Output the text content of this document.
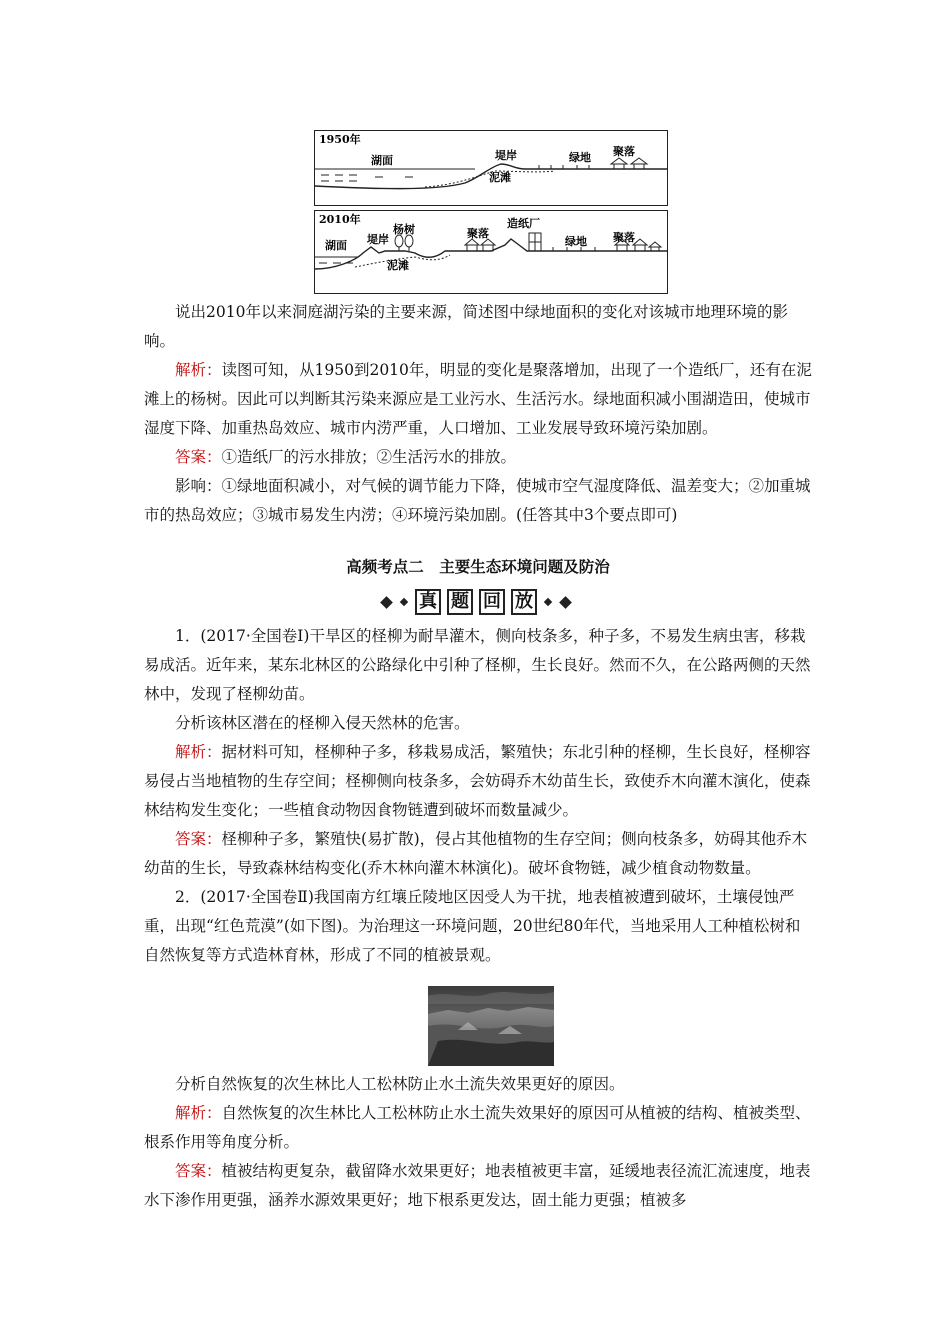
1950年
湖面	堤岸
泥滩
绿地 聚落
2010年
湖面 堤岸
杨树
泥滩
聚落
造纸厂
绿地 聚落

说出2010年以来洞庭湖污染的主要来源，简述图中绿地面积的变化对该城市地理环境的影响。

解析：读图可知，从1950到2010年，明显的变化是聚落增加，出现了一个造纸厂，还有在泥滩上的杨树。因此可以判断其污染来源应是工业污水、生活污水。绿地面积减小围湖造田，使城市湿度下降、加重热岛效应、城市内涝严重，人口增加、工业发展导致环境污染加剧。

答案：①造纸厂的污水排放；②生活污水的排放。

影响：①绿地面积减小，对气候的调节能力下降，使城市空气湿度降低、温差变大；②加重城市的热岛效应；③城市易发生内涝；④环境污染加剧。(任答其中3个要点即可)

高频考点二　主要生态环境问题及防治
真 题 回 放

1．(2017·全国卷Ⅰ)干旱区的柽柳为耐旱灌木，侧向枝条多，种子多，不易发生病虫害，移栽易成活。近年来，某东北林区的公路绿化中引种了柽柳，生长良好。然而不久，在公路两侧的天然林中，发现了柽柳幼苗。

分析该林区潜在的柽柳入侵天然林的危害。

解析：据材料可知，柽柳种子多，移栽易成活，繁殖快；东北引种的柽柳，生长良好，柽柳容易侵占当地植物的生存空间；柽柳侧向枝条多，会妨碍乔木幼苗生长，致使乔木向灌木演化，使森林结构发生变化；一些植食动物因食物链遭到破坏而数量减少。

答案：柽柳种子多，繁殖快(易扩散)，侵占其他植物的生存空间；侧向枝条多，妨碍其他乔木幼苗的生长，导致森林结构变化(乔木林向灌木林演化)。破坏食物链，减少植食动物数量。

2．(2017·全国卷Ⅱ)我国南方红壤丘陵地区因受人为干扰，地表植被遭到破坏，土壤侵蚀严重，出现“红色荒漠”(如下图)。为治理这一环境问题，20世纪80年代，当地采用人工种植松树和自然恢复等方式造林育林，形成了不同的植被景观。

分析自然恢复的次生林比人工松林防止水土流失效果更好的原因。

解析：自然恢复的次生林比人工松林防止水土流失效果好的原因可从植被的结构、植被类型、根系作用等角度分析。

答案：植被结构更复杂，截留降水效果更好；地表植被更丰富，延缓地表径流汇流速度，地表水下渗作用更强，涵养水源效果更好；地下根系更发达，固土能力更强；植被多
